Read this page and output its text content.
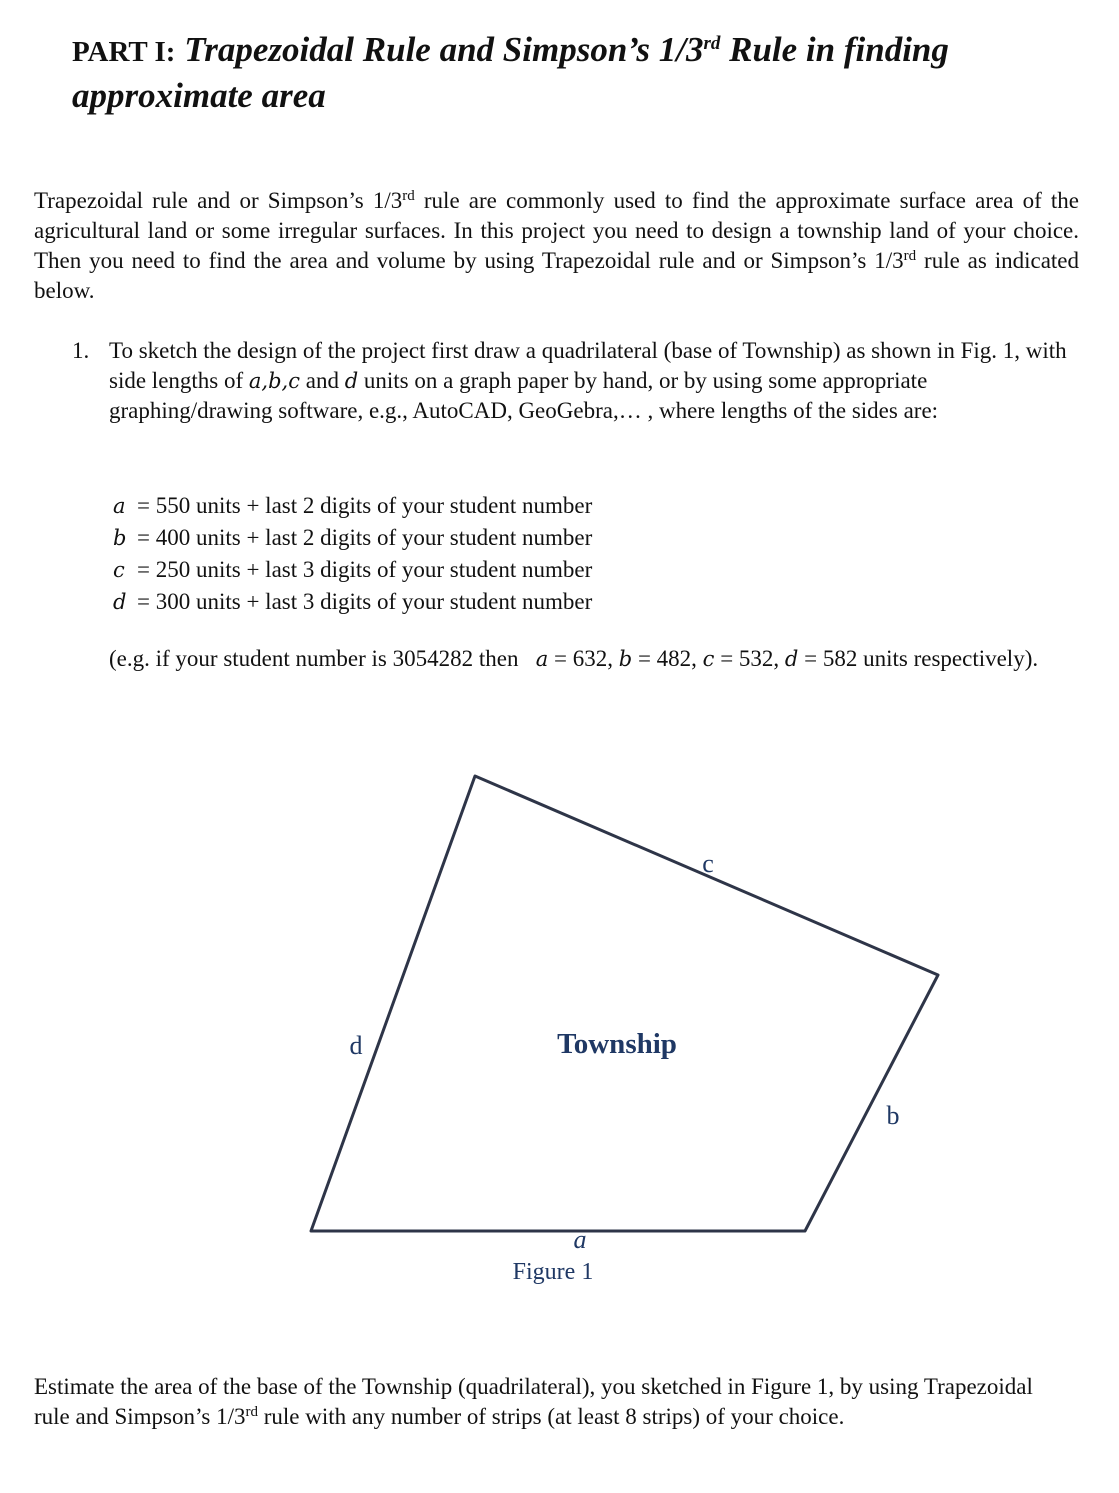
PART I: Trapezoidal Rule and Simpson’s 1/3rd Rule in finding approximate area

Trapezoidal rule and or Simpson’s 1/3rd rule are commonly used to find the approximate surface area of the agricultural land or some irregular surfaces. In this project you need to design a township land of your choice. Then you need to find the area and volume by using Trapezoidal rule and or Simpson’s 1/3rd rule as indicated below.

1. To sketch the design of the project first draw a quadrilateral (base of Township) as shown in Fig. 1, with side lengths of a,b,c and d units on a graph paper by hand, or by using some appropriate graphing/drawing software, e.g., AutoCAD, GeoGebra,… , where lengths of the sides are:

a = 550 units + last 2 digits of your student number
b = 400 units + last 2 digits of your student number
c = 250 units + last 3 digits of your student number
d = 300 units + last 3 digits of your student number

(e.g. if your student number is 3054282 then a = 632, b = 482, c = 532, d = 582 units respectively).

c
d
b
a
Township
Figure 1

Estimate the area of the base of the Township (quadrilateral), you sketched in Figure 1, by using Trapezoidal rule and Simpson’s 1/3rd rule with any number of strips (at least 8 strips) of your choice.
